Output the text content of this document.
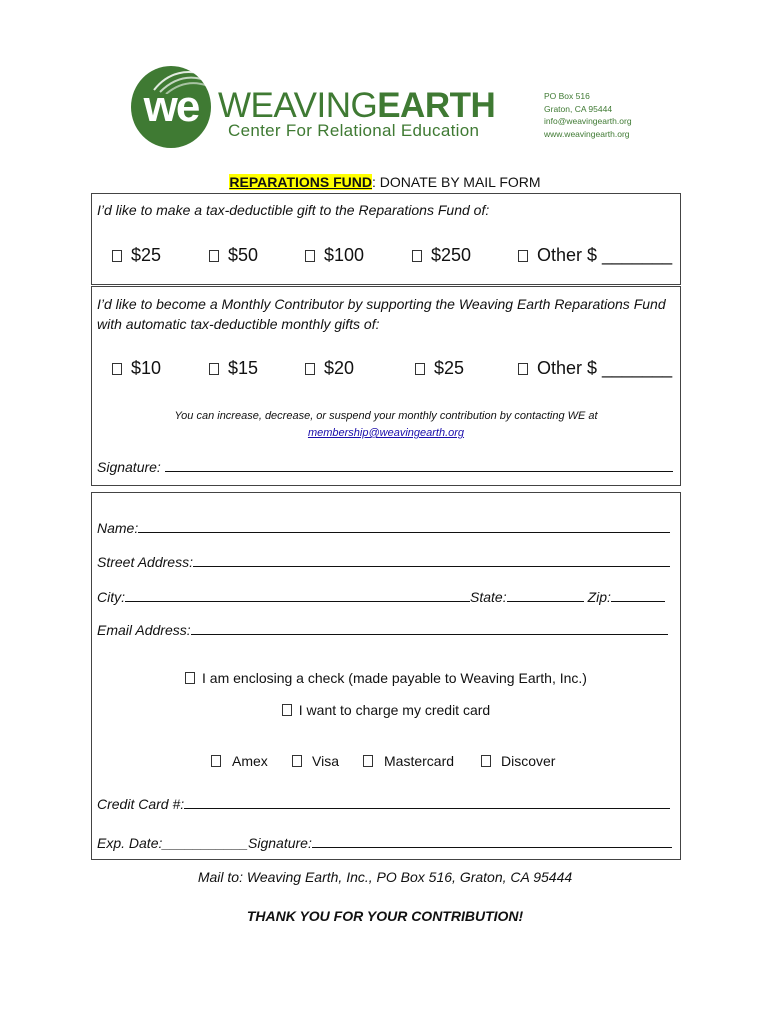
we WEAVINGEARTH
Center For Relational Education
PO Box 516
Graton, CA 95444
info@weavingearth.org
www.weavingearth.org
REPARATIONS FUND: DONATE BY MAIL FORM
I’d like to make a tax-deductible gift to the Reparations Fund of:
$25	$50	$100	$250	Other $ _______
I’d like to become a Monthly Contributor by supporting the Weaving Earth Reparations Fund
with automatic tax-deductible monthly gifts of:
$10	$15	$20	$25	Other $ _______
You can increase, decrease, or suspend your monthly contribution by contacting WE at
membership@weavingearth.org
Signature:
Name:
Street Address:
City:	State:	Zip:
Email Address:
I am enclosing a check (made payable to Weaving Earth, Inc.)
I want to charge my credit card
Amex	Visa	Mastercard	Discover
Credit Card #:
Exp. Date: ___________ Signature:
Mail to: Weaving Earth, Inc., PO Box 516, Graton, CA 95444
THANK YOU FOR YOUR CONTRIBUTION!
